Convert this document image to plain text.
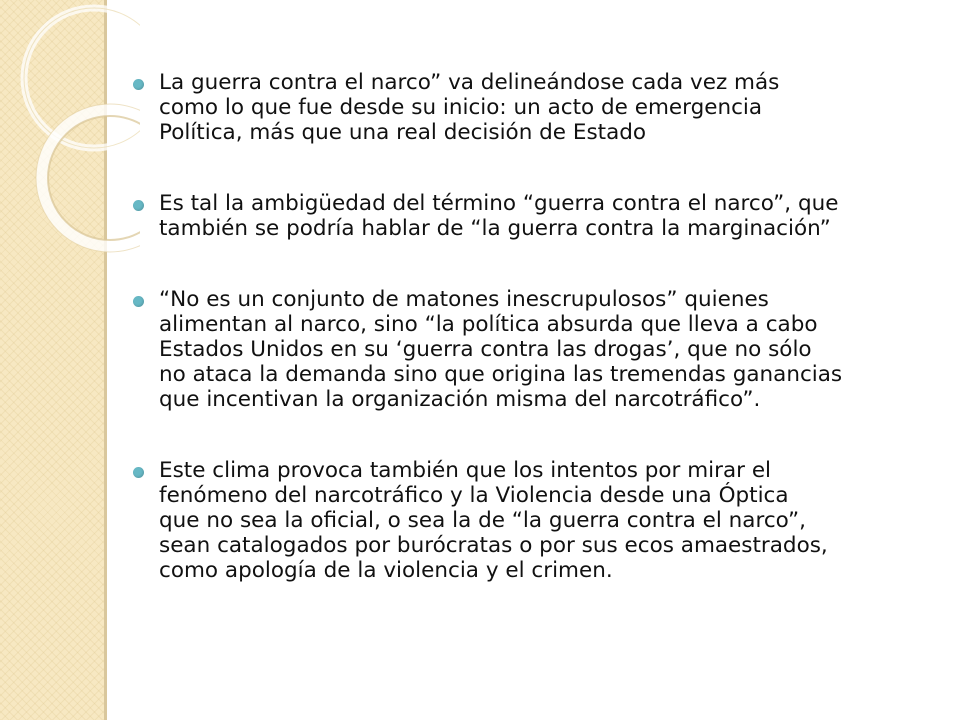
La guerra contra el narco” va delineándose cada vez más
como lo que fue desde su inicio: un acto de emergencia
Política, más que una real decisión de Estado
Es tal la ambigüedad del término “guerra contra el narco”, que
también se podría hablar de “la guerra contra la marginación”
“No es un conjunto de matones inescrupulosos” quienes
alimentan al narco, sino “la política absurda que lleva a cabo
Estados Unidos en su ‘guerra contra las drogas’, que no sólo
no ataca la demanda sino que origina las tremendas ganancias
que incentivan la organización misma del narcotráfico”.
Este clima provoca también que los intentos por mirar el
fenómeno del narcotráfico y la Violencia desde una Óptica
que no sea la oficial, o sea la de “la guerra contra el narco”,
sean catalogados por burócratas o por sus ecos amaestrados,
como apología de la violencia y el crimen.
